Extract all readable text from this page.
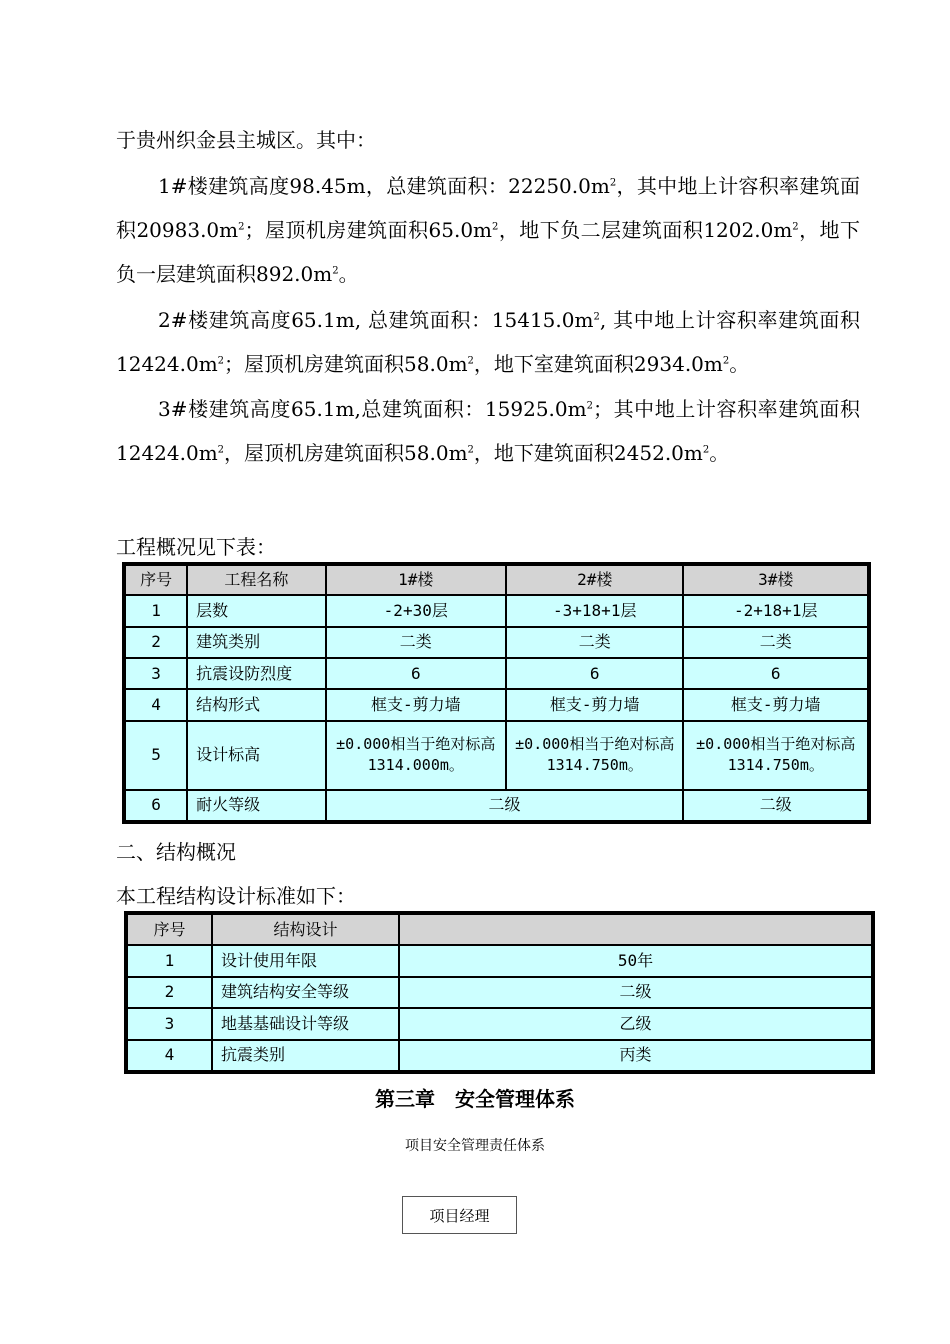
于贵州织金县主城区。其中：

1#楼建筑高度98.45m，总建筑面积：$22250.0m^2$，其中地上计容积率建筑面积$20983.0m^2$；屋顶机房建筑面积$65.0m^2$，地下负二层建筑面积$1202.0m^2$，地下负一层建筑面积$892.0m^2$。

2#楼建筑高度65.1m, 总建筑面积：$15415.0m^2$, 其中地上计容积率建筑面积$12424.0m^2$；屋顶机房建筑面积$58.0m^2$，地下室建筑面积$2934.0m^2$。

3#楼建筑高度65.1m,总建筑面积：$15925.0m^2$；其中地上计容积率建筑面积$12424.0m^2$，屋顶机房建筑面积$58.0m^2$，地下建筑面积$2452.0m^2$。

工程概况见下表：

序号	工程名称	1#楼	2#楼	3#楼
1	层数	-2+30层	-3+18+1层	-2+18+1层
2	建筑类别	二类	二类	二类
3	抗震设防烈度	6	6	6
4	结构形式	框支-剪力墙	框支-剪力墙	框支-剪力墙
5	设计标高	±0.000相当于绝对标高1314.000m。	±0.000相当于绝对标高1314.750m。	±0.000相当于绝对标高1314.750m。
6	耐火等级	二级		二级

二、结构概况

本工程结构设计标准如下：

序号	结构设计	
1	设计使用年限	50年
2	建筑结构安全等级	二级
3	地基基础设计等级	乙级
4	抗震类别	丙类

第三章　安全管理体系

项目安全管理责任体系

项目经理
